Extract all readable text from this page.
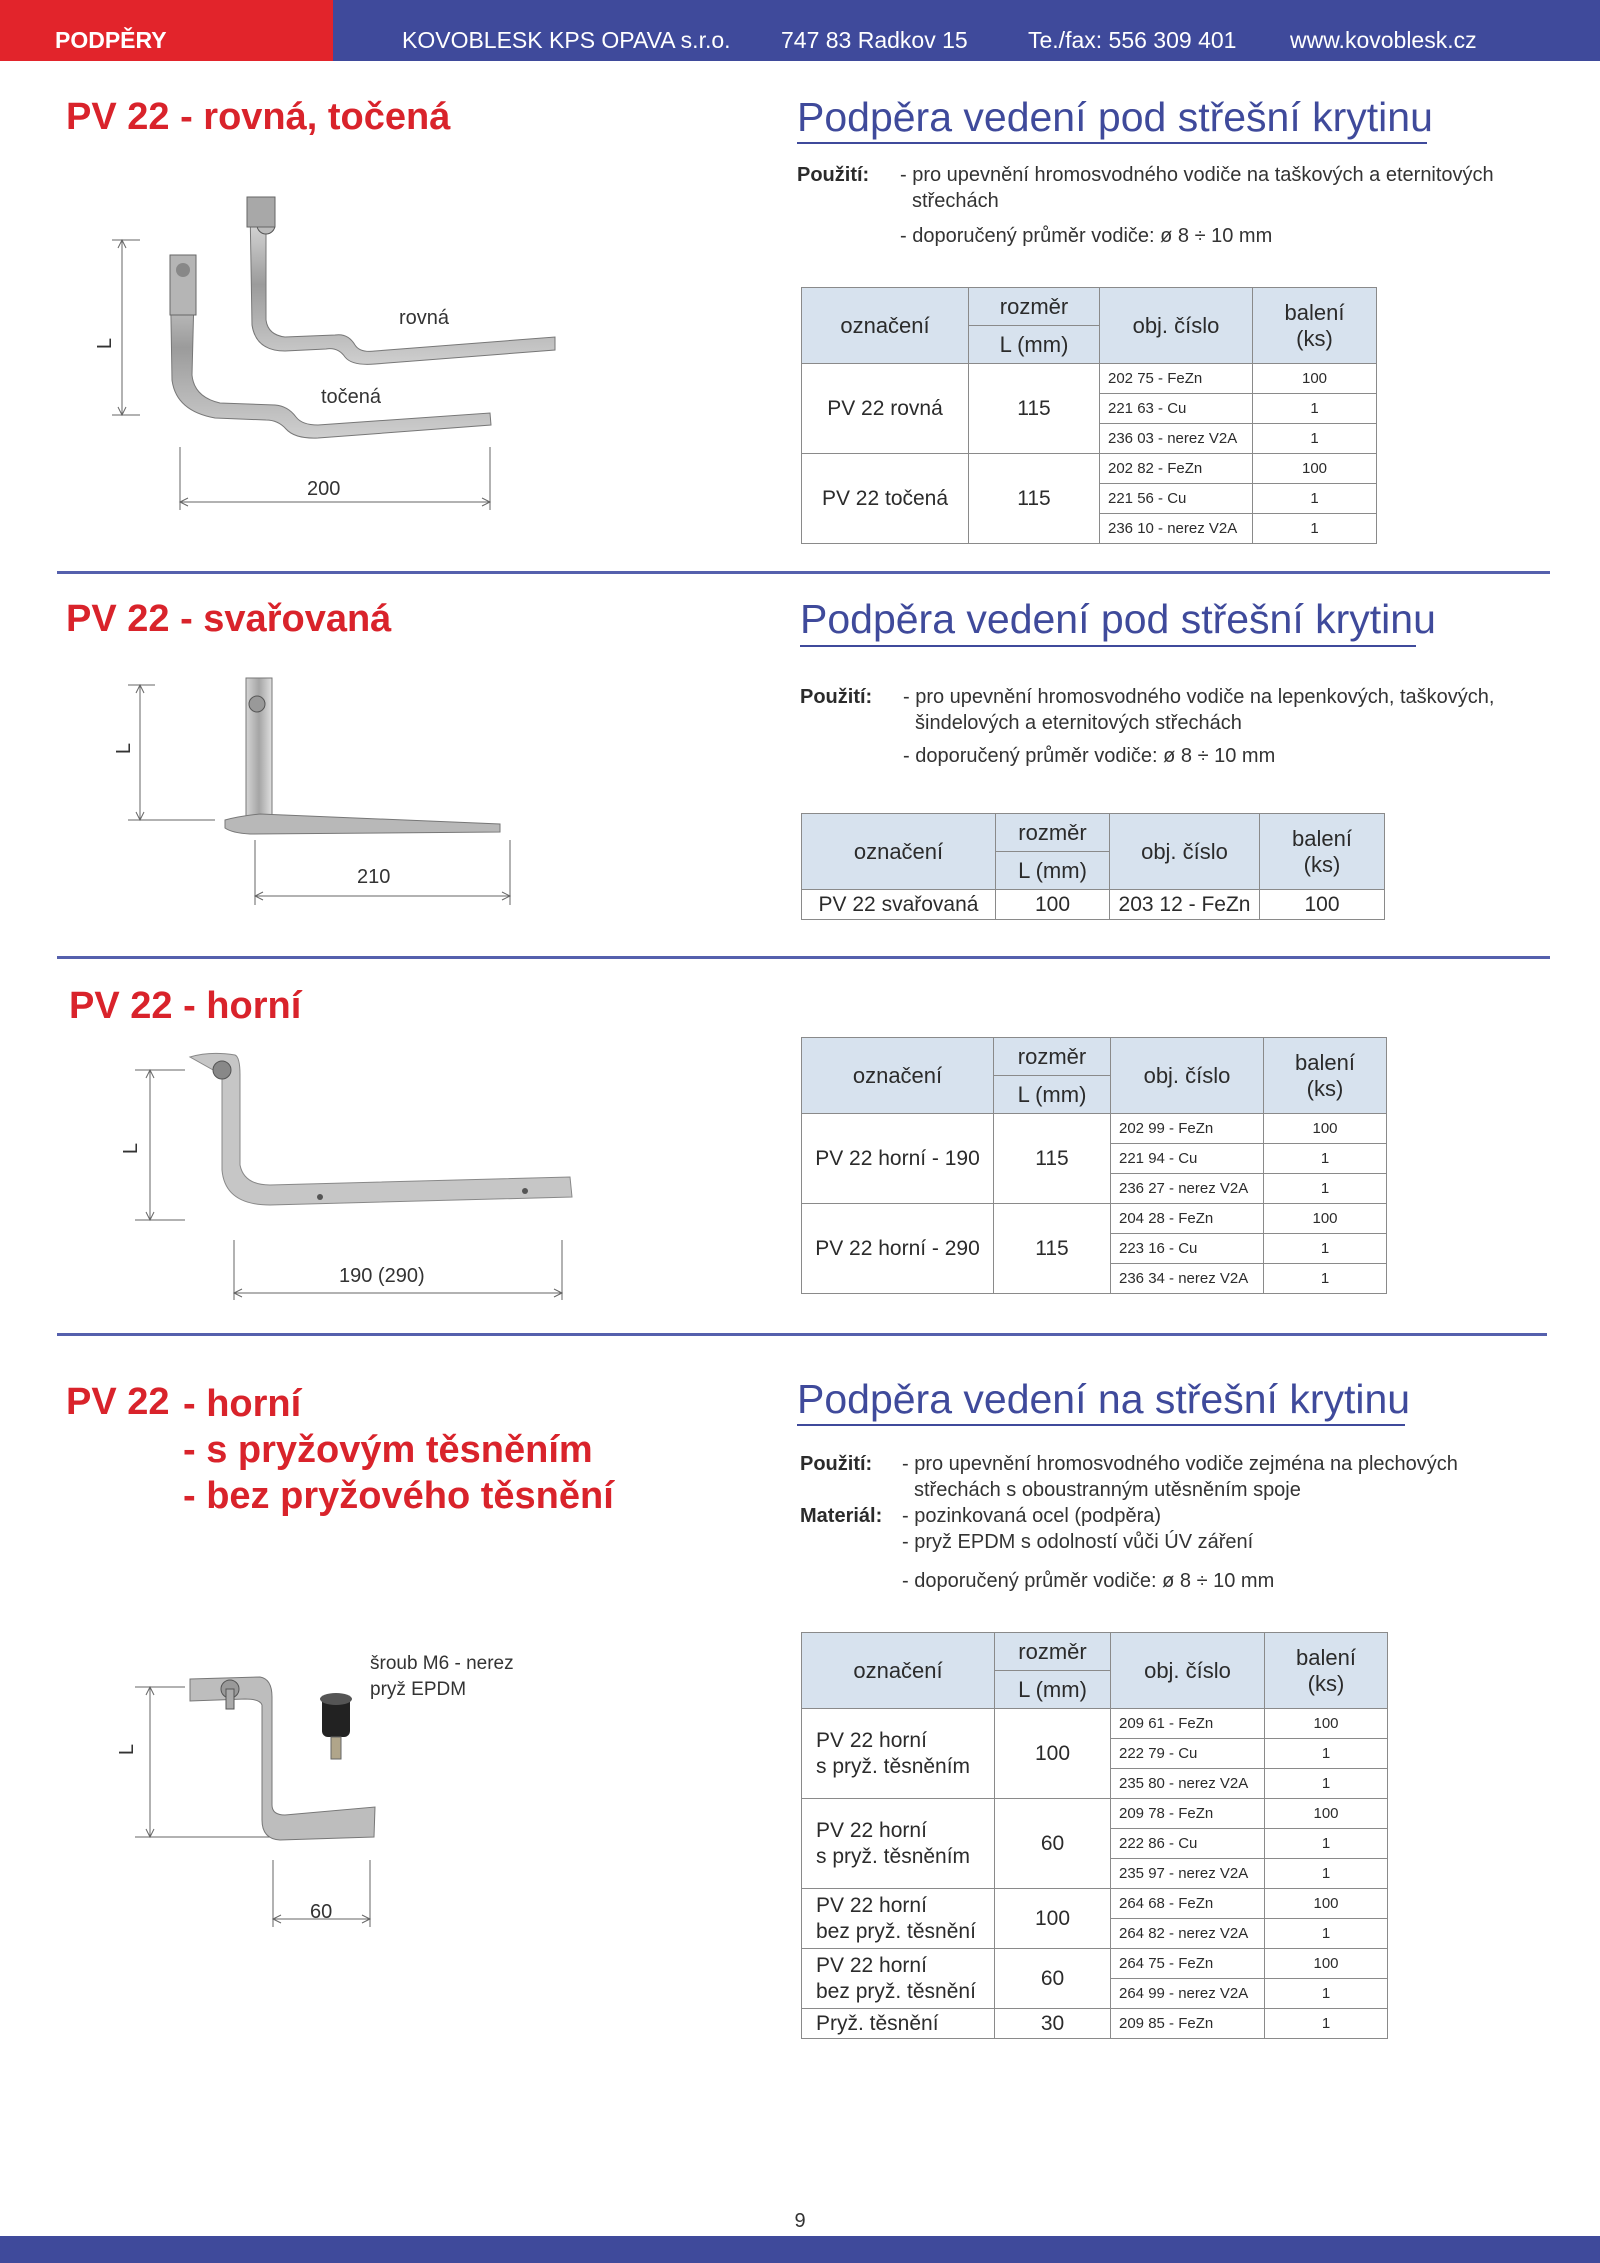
PODPĚRY	KOVOBLESK KPS OPAVA s.r.o. 747 83 Radkov 15	Te./fax: 556 309 401 www.kovoblesk.cz
PV 22 - rovná, točená	Podpěra vedení pod střešní krytinu
Použití: - pro upevnění hromosvodného vodiče na taškových a eternitových
střechách
- doporučený průměr vodiče: ø 8 ÷ 10 mm
L
rovná
točená
200
označení	rozměr	obj. číslo	balení
(ks)
	L (mm)		
PV 22 rovná	115	202 75 - FeZn	100
		221 63 - Cu	1
		236 03 - nerez V2A	1
PV 22 točená	115	202 82 - FeZn	100
		221 56 - Cu	1
		236 10 - nerez V2A	1
PV 22 - svařovaná	Podpěra vedení pod střešní krytinu
Použití: - pro upevnění hromosvodného vodiče na lepenkových, taškových,
šindelových a eternitových střechách
- doporučený průměr vodiče: ø 8 ÷ 10 mm
L
210
označení	rozměr	obj. číslo	balení
(ks)
	L (mm)		
PV 22 svařovaná	100	203 12 - FeZn	100
PV 22 - horní
L
190 (290)
označení	rozměr	obj. číslo	balení
(ks)
	L (mm)		
PV 22 horní - 190	115	202 99 - FeZn	100
		221 94 - Cu	1
		236 27 - nerez V2A	1
PV 22 horní - 290	115	204 28 - FeZn	100
		223 16 - Cu	1
		236 34 - nerez V2A	1
PV 22 - horní
- s pryžovým těsněním
- bez pryžového těsnění
Podpěra vedení na střešní krytinu
Použití: - pro upevnění hromosvodného vodiče zejména na plechových
střechách s oboustranným utěsněním spoje
Materiál: - pozinkovaná ocel (podpěra)
- pryž EPDM s odolností vůči ÚV záření
- doporučený průměr vodiče: ø 8 ÷ 10 mm
L
šroub M6 - nerez
pryž EPDM
60
označení	rozměr	obj. číslo	balení
(ks)
	L (mm)		
PV 22 horní
s pryž. těsněním	100	209 61 - FeZn	100
		222 79 - Cu	1
		235 80 - nerez V2A	1
PV 22 horní
s pryž. těsněním	60	209 78 - FeZn	100
		222 86 - Cu	1
		235 97 - nerez V2A	1
PV 22 horní
bez pryž. těsnění	100	264 68 - FeZn	100
		264 82 - nerez V2A	1
PV 22 horní
bez pryž. těsnění	60	264 75 - FeZn	100
		264 99 - nerez V2A	1
Pryž. těsnění	30	209 85 - FeZn	1
9
